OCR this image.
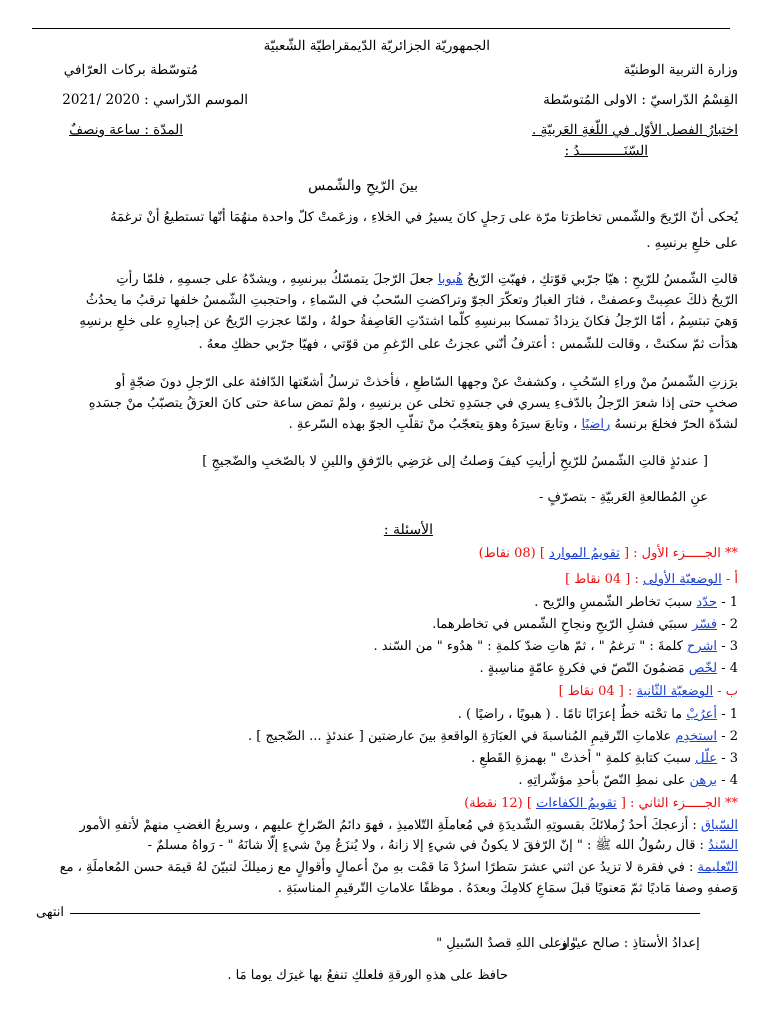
الجمهوريّة الجزائريّة الدّيمقراطيّة الشّعبيّة
وزارة التربية الوطنيّة
مُتوسّطة بركات العرّافي
القِسْمُ الدّراسيّ : الاولى المُتوسّطة
الموسم الدّراسي : 2020 /2021
اختبارُ الفصل الأوّل في اللّغةِ العَربيّةِ .
المدّة : ساعة ونصفٌ
السّنَـــــــــــدُ :
بينَ الرّيحِ والشّمس
يُحكى أنّ الرّيحَ والشّمس تخاطرَتا مرّة على رَجلٍ كانَ يسيرُ في الخلاءِ ، وزعَمتْ كلّ واحدة منهُمَا أنّها تستطيعُ أنْ ترغمَهُ
على خلعِ برنسِهِ .
قالتِ الشّمسُ للرّيحِ : هيّا جرّبي قوّتكِ ، فهبّتِ الرّيحُ هُبوبا جعلَ الرّجلَ يتمسّكُ ببرنسِهِ ، ويشدّهُ على جسمِهِ ، فلمّا رأتِ
الرّيحُ ذلكَ عصِبتْ وعصفتْ ، فثارَ الغبارُ وتعكّرَ الجوّ وتراكضتِ السّحبُ في السّماءِ ، واحتجبتِ الشّمسُ خلفها ترقبُ ما يحدُثُ
وَهيَ تبتسِمُ ، أمّا الرّجلُ فكانَ يزدادُ تمسكا ببرنسِهِ كلّما اشتدّتِ العَاصِفةُ حولهُ ، ولمّا عجزتِ الرّيحُ عن إجبارِهِ على خلعِ برنسِهِ
هدَأت ثمّ سكنتْ ، وقالت للشّمس : أعترفُ أنّني عجزتُ على الرّغمِ من قوّتي ، فهيّا جرّبي حظكِ معهُ .
برَزتِ الشّمسُ منْ وراءِ السّحُبِ ، وكشفتْ عنْ وجهها السّاطعِ ، فأخذتْ ترسلُ أشعّتها الدّافئة على الرّجلِ دونَ ضجّةٍ أو
صخبٍ حتى إذا شعرَ الرّجلُ بالدّفءِ يسري في جسَدِهِ تخلى عن برنسِهِ ، ولمْ تمض ساعة حتى كانَ العرَقُ يتصبّبُ منْ جسَدهِ
لشدّة الحرّ فخلعَ برنسهُ راضيًا ، وتابعَ سيرَهُ وهوَ يتعجّبُ منْ تقلّبِ الجوّ بهذه السّرعةِ .
[ عندئذٍ قالتِ الشّمسُ للرّيحِ أرأيتِ كيفَ وَصلتُ إلى غرَضِي بالرّفقِ واللينِ لا بالصّخبِ والضّجيجِ ]
عنِ المُطالعةِ العَربيّةِ - بتصرّفٍ -
الأسئلة :
** الجـــــزء الأول : [ تقويمُ الموارد ] (08 نقاط)
أ - الوضعيّة الأولى : [ 04 نقاط ]
1 - حدّد سببَ تخاطر الشّمسِ والرّيح .
2 - فسّر سببَي فشلِ الرّيحِ ونجاحِ الشّمس في تخاطرهما.
3 - اشرح كلمةَ : " ترغمُ " ، ثمّ هاتِ ضدّ كلمةِ : " هدُوء " من السّند .
4 - لخّص مَضمُونَ النّصّ في فكرةٍ عامّةٍ مناسِبةٍ .
ب - الوضعيّة الثّانية : [ 04 نقاط ]
1 - أعرُبْ ما تحْته خطٌ إعرَابًا تامًا . ( هبويًا ، راضيًا ) .
2 - استخدِم علاماتِ التّرقيمِ المُناسبةَ في العبَارَةِ الواقعةِ بينَ عارضتين [ عندئذٍ ... الضّجيج ] .
3 - علّل سببَ كتابةِ كلمةِ " أخذتْ " بهمزةِ القَطعِ .
4 - برهن على نمطِ النّصّ بأحدِ مؤشّراتِهِ .
** الجـــــزء الثاني : [ تقويمُ الكفاءات ] (12 نقطة)
السّياق : أزعجكَ أحدُ زُملائكَ بقسوتِهِ الشّديدَةِ في مُعاملَةِ التّلاميذِ ، فهوَ دائمُ الصّراخِ عليهم ، وسريعُ الغضبِ منهمْ لأتفهِ الأمور
السّندُ : قال رسُولُ الله ﷺ : " إنّ الرّفقَ لا يكونُ في شيءٍ إلا زانهُ ، ولا يُنزَعُ مِنْ شيءٍ إلّا شانَهُ " - رَواهُ مسلمٌ -
التّعليمة : في فقرة لا تزيدُ عن اثني عشرَ سَطرًا اسرُدْ مَا قمْت بهِ منْ أعمالٍ وأقوالٍ مع زميلكَ لتبيّنَ لهُ قيمَة حسن المُعاملَةِ ، مع
وَصفهِ وصفا مَاديًا ثمّ مَعنويًا قبلَ سمَاعِ كلامِكَ وبعدَهُ . موظفًا علاماتِ التّرقيمِ المناسبَةِ .
انتهى
" وعلى اللهِ قصدُ السّبيلِ "
إعدادُ الأستاذِ : صالح عيواز
حافظ على هذهِ الورقةِ فلعلكِ تنفعُ بها غيرَك يوما مَا .
